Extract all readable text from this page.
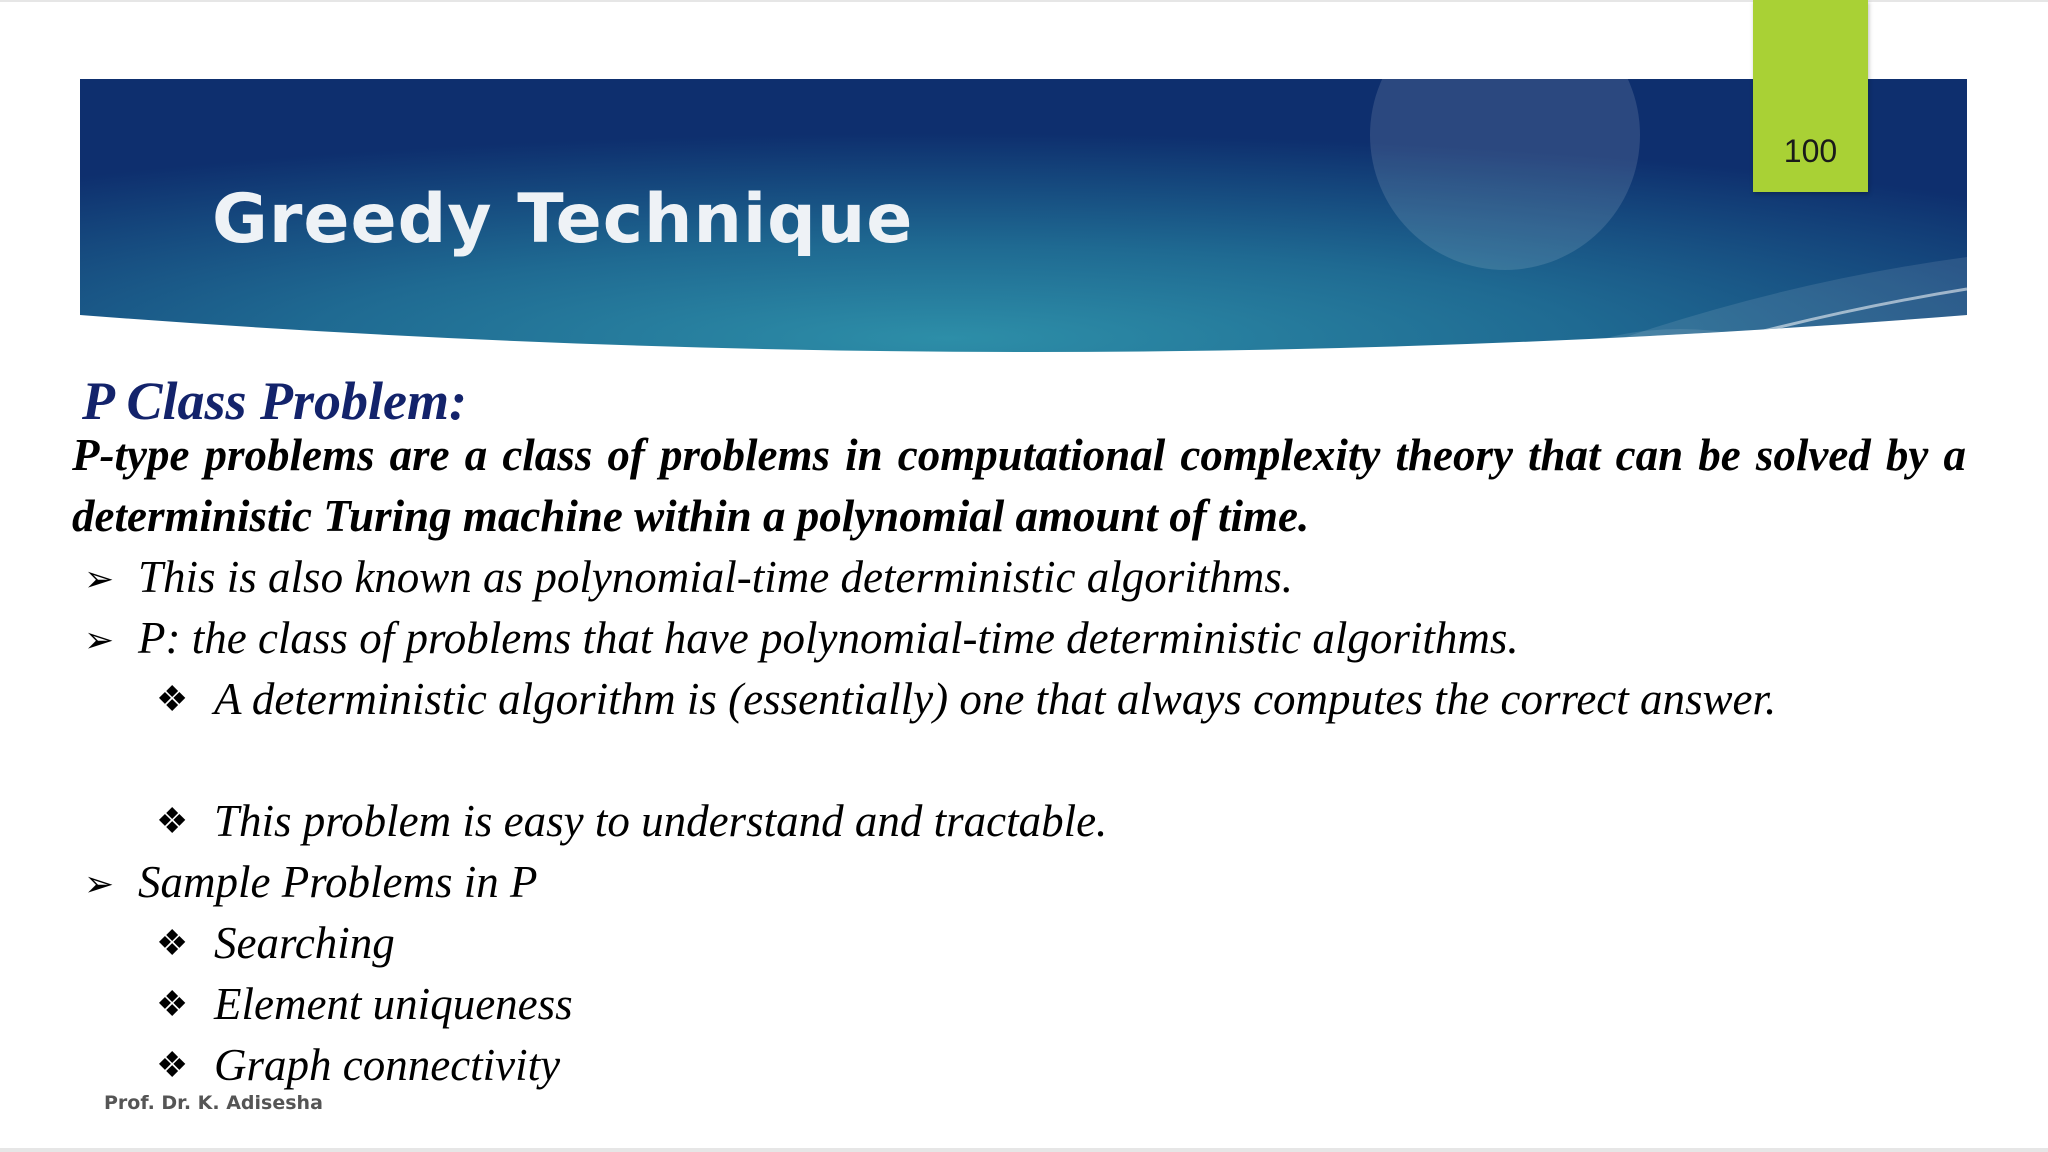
Greedy Technique
100
P Class Problem:
P-type problems are a class of problems in computational complexity theory that can be solved by a deterministic Turing machine within a polynomial amount of time.
➢ This is also known as polynomial-time deterministic algorithms.
➢ P: the class of problems that have polynomial-time deterministic algorithms.
❖ A deterministic algorithm is (essentially) one that always computes the correct answer.
❖ This problem is easy to understand and tractable.
➢ Sample Problems in P
❖ Searching
❖ Element uniqueness
❖ Graph connectivity
Prof. Dr. K. Adisesha
